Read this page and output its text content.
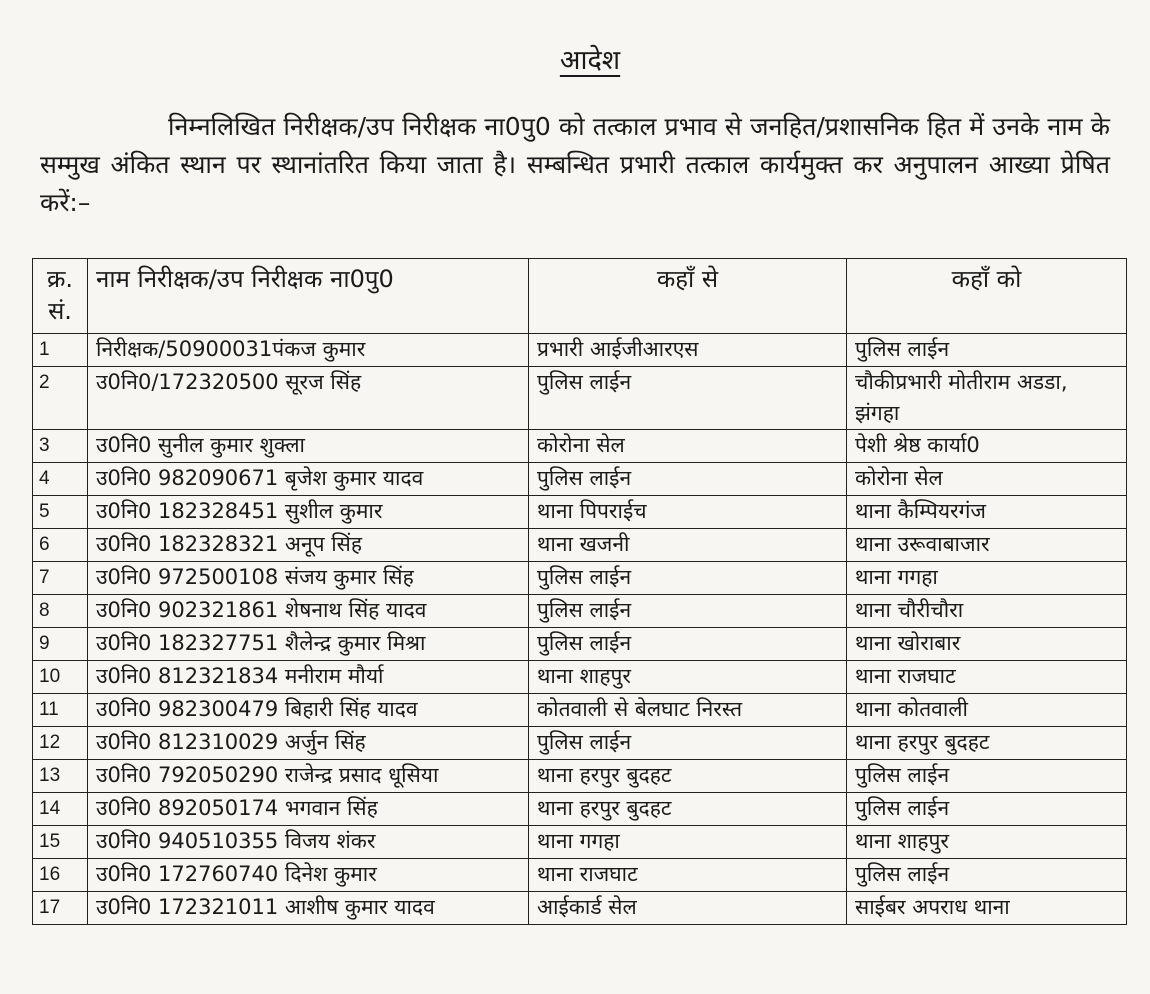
आदेश
निम्नलिखित निरीक्षक/उप निरीक्षक ना0पु0 को तत्काल प्रभाव से जनहित/प्रशासनिक हित में उनके नाम के सम्मुख अंकित स्थान पर स्थानांतरित किया जाता है। सम्बन्धित प्रभारी तत्काल कार्यमुक्त कर अनुपालन आख्या प्रेषित करें:–
क्र. सं.	नाम निरीक्षक/उप निरीक्षक ना0पु0	कहाँ से	कहाँ को
1	निरीक्षक/50900031पंकज कुमार	प्रभारी आईजीआरएस	पुलिस लाईन
2	उ0नि0/172320500 सूरज सिंह	पुलिस लाईन	चौकीप्रभारी मोतीराम अडडा, झंगहा
3	उ0नि0 सुनील कुमार शुक्ला	कोरोना सेल	पेशी श्रेष्ठ कार्या0
4	उ0नि0 982090671 बृजेश कुमार यादव	पुलिस लाईन	कोरोना सेल
5	उ0नि0 182328451 सुशील कुमार	थाना पिपराईच	थाना कैम्पियरगंज
6	उ0नि0 182328321 अनूप सिंह	थाना खजनी	थाना उरूवाबाजार
7	उ0नि0 972500108 संजय कुमार सिंह	पुलिस लाईन	थाना गगहा
8	उ0नि0 902321861 शेषनाथ सिंह यादव	पुलिस लाईन	थाना चौरीचौरा
9	उ0नि0 182327751 शैलेन्द्र कुमार मिश्रा	पुलिस लाईन	थाना खोराबार
10	उ0नि0 812321834 मनीराम मौर्या	थाना शाहपुर	थाना राजघाट
11	उ0नि0 982300479 बिहारी सिंह यादव	कोतवाली से बेलघाट निरस्त	थाना कोतवाली
12	उ0नि0 812310029 अर्जुन सिंह	पुलिस लाईन	थाना हरपुर बुदहट
13	उ0नि0 792050290 राजेन्द्र प्रसाद धूसिया	थाना हरपुर बुदहट	पुलिस लाईन
14	उ0नि0 892050174 भगवान सिंह	थाना हरपुर बुदहट	पुलिस लाईन
15	उ0नि0 940510355 विजय शंकर	थाना गगहा	थाना शाहपुर
16	उ0नि0 172760740 दिनेश कुमार	थाना राजघाट	पुलिस लाईन
17	उ0नि0 172321011 आशीष कुमार यादव	आईकार्ड सेल	साईबर अपराध थाना
